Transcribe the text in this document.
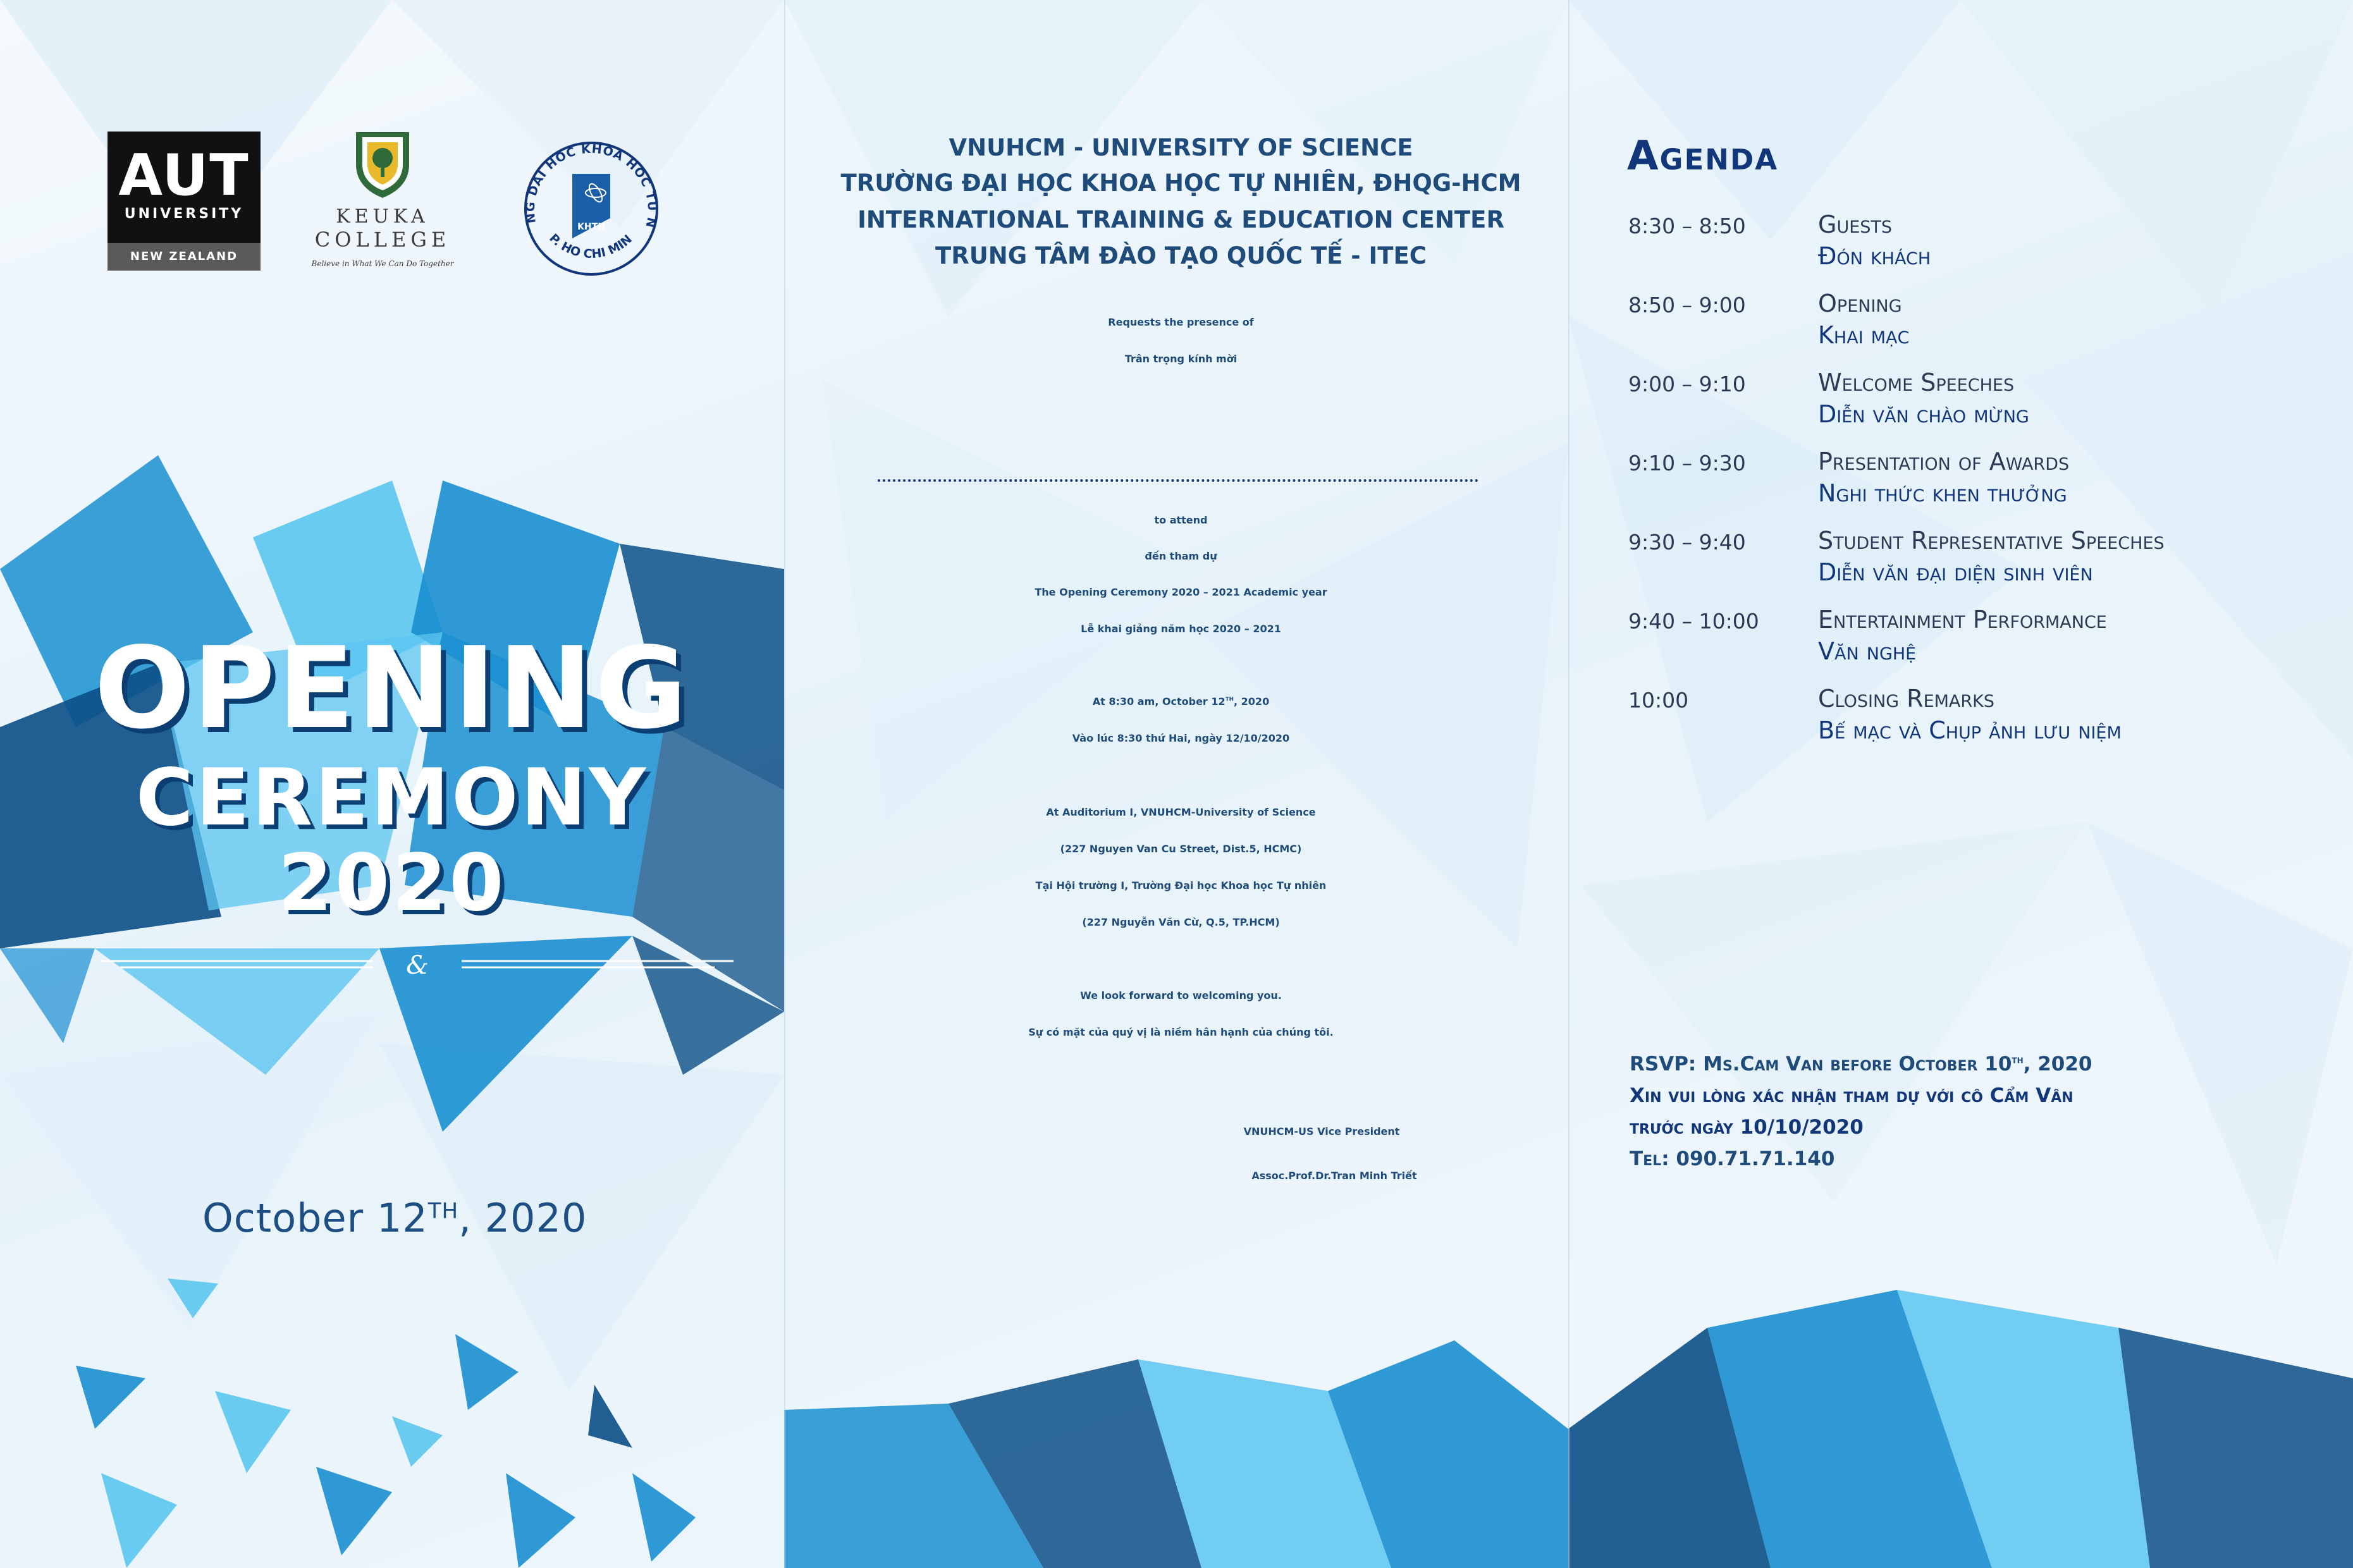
AUT
UNIVERSITY
NEW ZEALAND
KEUKA
COLLEGE
Believe in What We Can Do Together
NG DAI HOC KHOA HOC TU N
P. HO CHI MIN
KHTN
OPENING
CEREMONY
2020
&
October 12TH, 2020
VNUHCM - UNIVERSITY OF SCIENCE
TRƯỜNG ĐẠI HỌC KHOA HỌC TỰ NHIÊN, ĐHQG-HCM
INTERNATIONAL TRAINING & EDUCATION CENTER
TRUNG TÂM ĐÀO TẠO QUỐC TẾ - ITEC
Requests the presence of
Trân trọng kính mời
to attend
đến tham dự
The Opening Ceremony 2020 – 2021 Academic year
Lễ khai giảng năm học 2020 – 2021
At 8:30 am, October 12TH, 2020
Vào lúc 8:30 thứ Hai, ngày 12/10/2020
At Auditorium I, VNUHCM-University of Science
(227 Nguyen Van Cu Street, Dist.5, HCMC)
Tại Hội trường I, Trường Đại học Khoa học Tự nhiên
(227 Nguyễn Văn Cừ, Q.5, TP.HCM)
We look forward to welcoming you.
Sự có mặt của quý vị là niềm hân hạnh của chúng tôi.
VNUHCM-US Vice President
Assoc.Prof.Dr.Tran Minh Triết
Agenda
8:30 – 8:50	Guests
Đón khách
8:50 – 9:00	Opening
Khai mạc
9:00 – 9:10	Welcome Speeches
Diễn văn chào mừng
9:10 – 9:30	Presentation of Awards
Nghi thức khen thưởng
9:30 – 9:40	Student Representative Speeches
Diễn văn đại diện sinh viên
9:40 – 10:00 Entertainment Performance
Văn nghệ
10:00	Closing Remarks
Bế mạc và Chụp ảnh lưu niệm
RSVP: Ms.Cam Van before October 10th, 2020
Xin vui lòng xác nhận tham dự với cô Cẩm Vân
trước ngày 10/10/2020
Tel: 090.71.71.140
